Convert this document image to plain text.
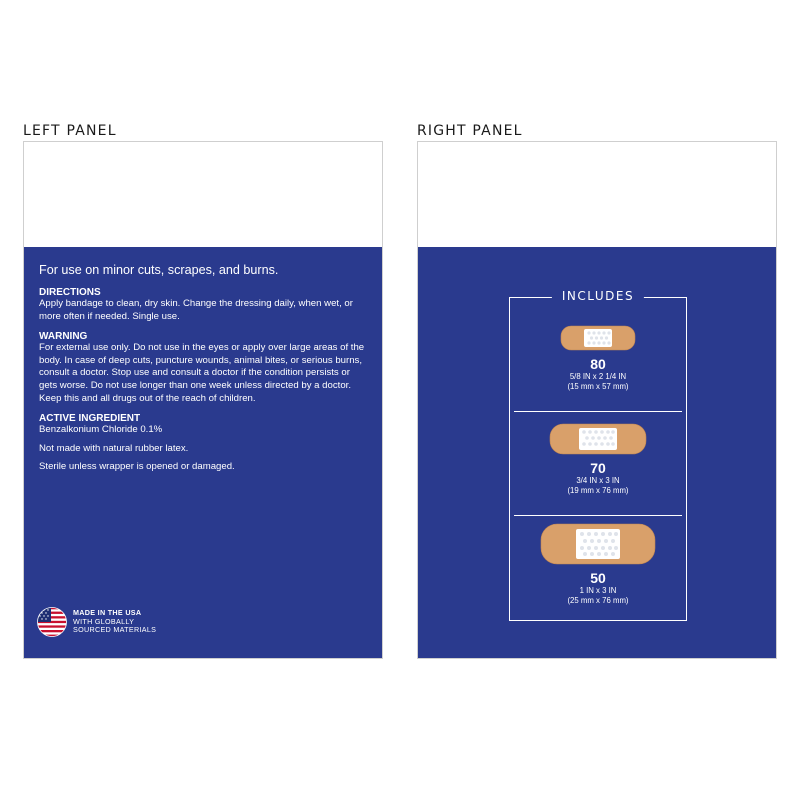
LEFT PANEL	RIGHT PANEL
For use on minor cuts, scrapes, and burns.
DIRECTIONS
Apply bandage to clean, dry skin. Change the dressing daily, when wet, or more often if needed. Single use.
WARNING
For external use only. Do not use in the eyes or apply over large areas of the body. In case of deep cuts, puncture wounds, animal bites, or serious burns, consult a doctor. Stop use and consult a doctor if the condition persists or gets worse. Do not use longer than one week unless directed by a doctor. Keep this and all drugs out of the reach of children.
ACTIVE INGREDIENT
Benzalkonium Chloride 0.1%
Not made with natural rubber latex.
Sterile unless wrapper is opened or damaged.
MADE IN THE USA
WITH GLOBALLY
SOURCED MATERIALS
INCLUDES
80
5/8 IN x 2 1/4 IN
(15 mm x 57 mm)
70
3/4 IN x 3 IN
(19 mm x 76 mm)
50
1 IN x 3 IN
(25 mm x 76 mm)
